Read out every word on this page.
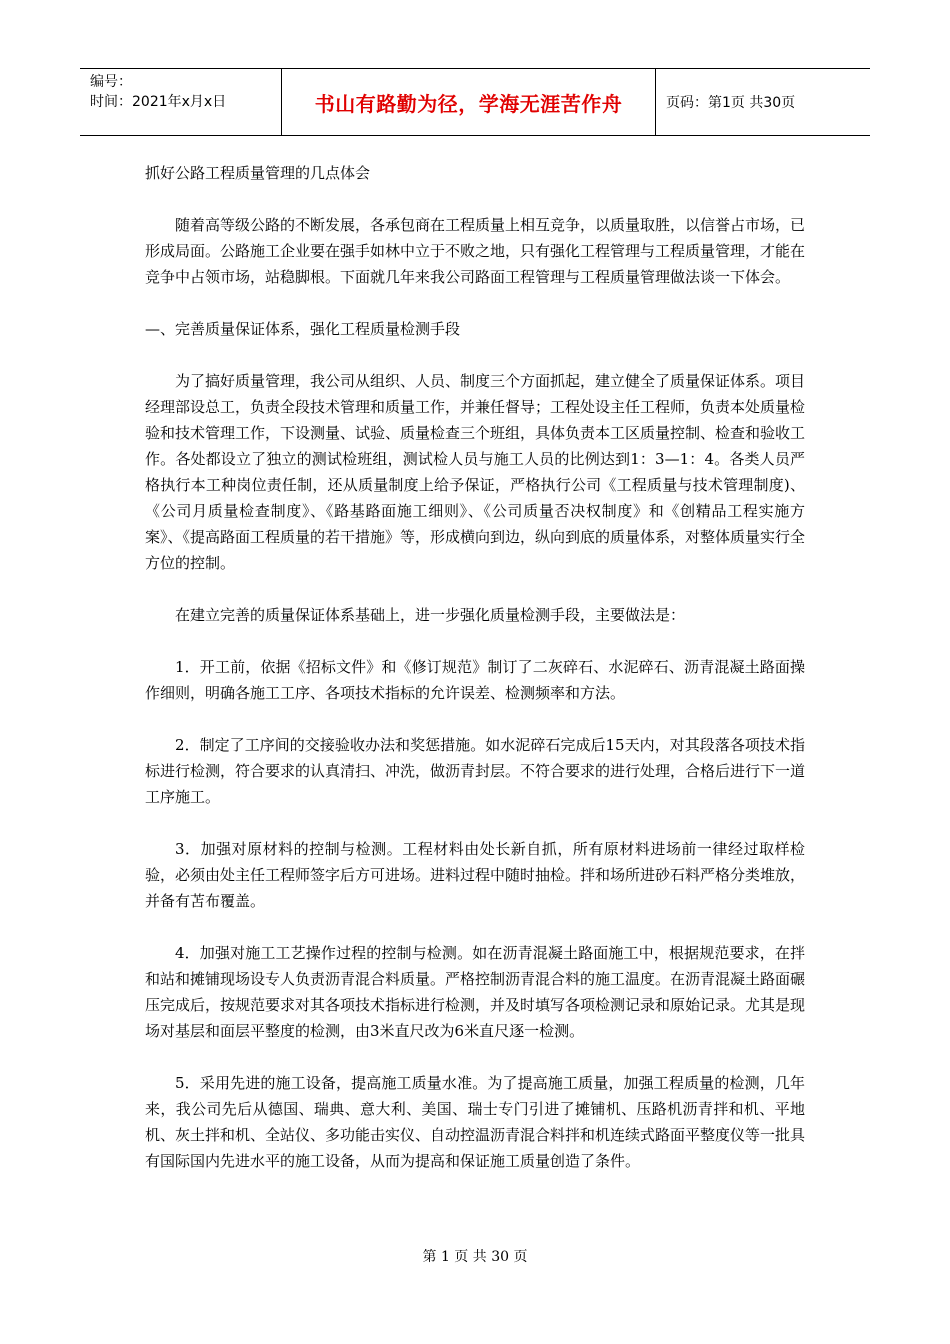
编号：
时间：2021年x月x日	书山有路勤为径，学海无涯苦作舟	页码：第1页 共30页

抓好公路工程质量管理的几点体会

随着高等级公路的不断发展，各承包商在工程质量上相互竞争，以质量取胜，以信誉占市场，已形成局面。公路施工企业要在强手如林中立于不败之地，只有强化工程管理与工程质量管理，才能在竞争中占领市场，站稳脚根。下面就几年来我公司路面工程管理与工程质量管理做法谈一下体会。

—、完善质量保证体系，强化工程质量检测手段

为了搞好质量管理，我公司从组织、人员、制度三个方面抓起，建立健全了质量保证体系。项目经理部设总工，负责全段技术管理和质量工作，并兼任督导；工程处设主任工程师，负责本处质量检验和技术管理工作，下设测量、试验、质量检查三个班组，具体负责本工区质量控制、检查和验收工作。各处都设立了独立的测试检班组，测试检人员与施工人员的比例达到1：3—1：4。各类人员严格执行本工种岗位责任制，还从质量制度上给予保证，严格执行公司《工程质量与技术管理制度)、《公司月质量检查制度》、《路基路面施工细则》、《公司质量否决权制度》和《创精品工程实施方案》、《提高路面工程质量的若干措施》等，形成横向到边，纵向到底的质量体系，对整体质量实行全方位的控制。

在建立完善的质量保证体系基础上，进一步强化质量检测手段，主要做法是：

1．开工前，依据《招标文件》和《修订规范》制订了二灰碎石、水泥碎石、沥青混凝土路面操作细则，明确各施工工序、各项技术指标的允许误差、检测频率和方法。

2．制定了工序间的交接验收办法和奖惩措施。如水泥碎石完成后15天内，对其段落各项技术指标进行检测，符合要求的认真清扫、冲洗，做沥青封层。不符合要求的进行处理，合格后进行下一道工序施工。

3．加强对原材料的控制与检测。工程材料由处长新自抓，所有原材料进场前一律经过取样检验，必须由处主任工程师签字后方可进场。进料过程中随时抽检。拌和场所进砂石料严格分类堆放，并备有苫布覆盖。

4．加强对施工工艺操作过程的控制与检测。如在沥青混凝土路面施工中，根据规范要求，在拌和站和摊铺现场设专人负责沥青混合料质量。严格控制沥青混合料的施工温度。在沥青混凝土路面碾压完成后，按规范要求对其各项技术指标进行检测，并及时填写各项检测记录和原始记录。尤其是现场对基层和面层平整度的检测，由3米直尺改为6米直尺逐一检测。

5．采用先进的施工设备，提高施工质量水准。为了提高施工质量，加强工程质量的检测，几年来，我公司先后从德国、瑞典、意大利、美国、瑞士专门引进了摊铺机、压路机沥青拌和机、平地机、灰土拌和机、全站仪、多功能击实仪、自动控温沥青混合料拌和机连续式路面平整度仪等一批具有国际国内先进水平的施工设备，从而为提高和保证施工质量创造了条件。

第 1 页 共 30 页
